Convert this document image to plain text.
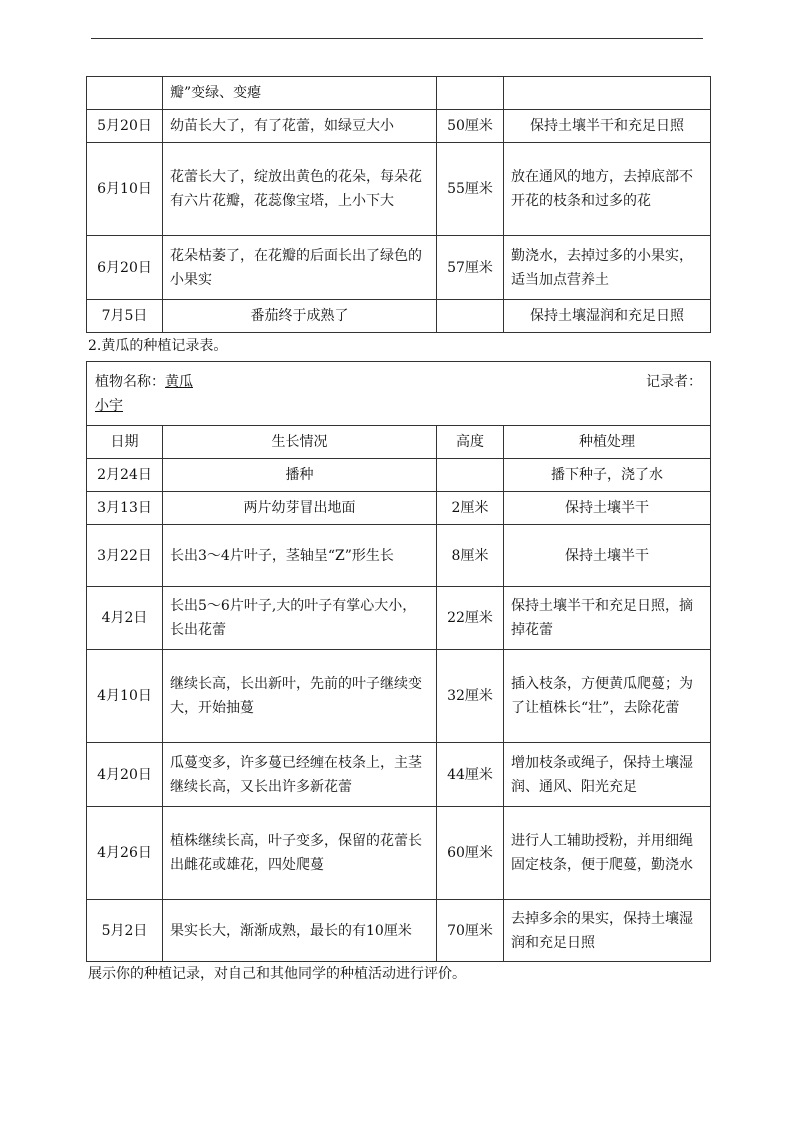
	瓣”变绿、变瘪		
5月20日	幼苗长大了，有了花蕾，如绿豆大小	50厘米	保持土壤半干和充足日照
6月10日	花蕾长大了，绽放出黄色的花朵，每朵花有六片花瓣，花蕊像宝塔，上小下大	55厘米	放在通风的地方，去掉底部不开花的枝条和过多的花
6月20日	花朵枯萎了，在花瓣的后面长出了绿色的小果实	57厘米	勤浇水，去掉过多的小果实，适当加点营养土
7月5日	番茄终于成熟了		保持土壤湿润和充足日照
2.黄瓜的种植记录表。
植物名称：黄瓜 记录者：
小宇			

日期	生长情况	高度	种植处理
2月24日	播种		播下种子，浇了水
3月13日	两片幼芽冒出地面	2厘米	保持土壤半干
3月22日	长出3～4片叶子，茎轴呈“Z”形生长	8厘米	保持土壤半干
4月2日	长出5～6片叶子,大的叶子有掌心大小，长出花蕾	22厘米	保持土壤半干和充足日照，摘掉花蕾
4月10日	继续长高，长出新叶，先前的叶子继续变大，开始抽蔓	32厘米	插入枝条，方便黄瓜爬蔓；为了让植株长“壮”，去除花蕾
4月20日	瓜蔓变多，许多蔓已经缠在枝条上，主茎继续长高，又长出许多新花蕾	44厘米	增加枝条或绳子，保持土壤湿润、通风、阳光充足
4月26日	植株继续长高，叶子变多，保留的花蕾长出雌花或雄花，四处爬蔓	60厘米	进行人工辅助授粉，并用细绳固定枝条，便于爬蔓，勤浇水
5月2日	果实长大，渐渐成熟，最长的有10厘米	70厘米	去掉多余的果实，保持土壤湿润和充足日照
展示你的种植记录，对自己和其他同学的种植活动进行评价。
